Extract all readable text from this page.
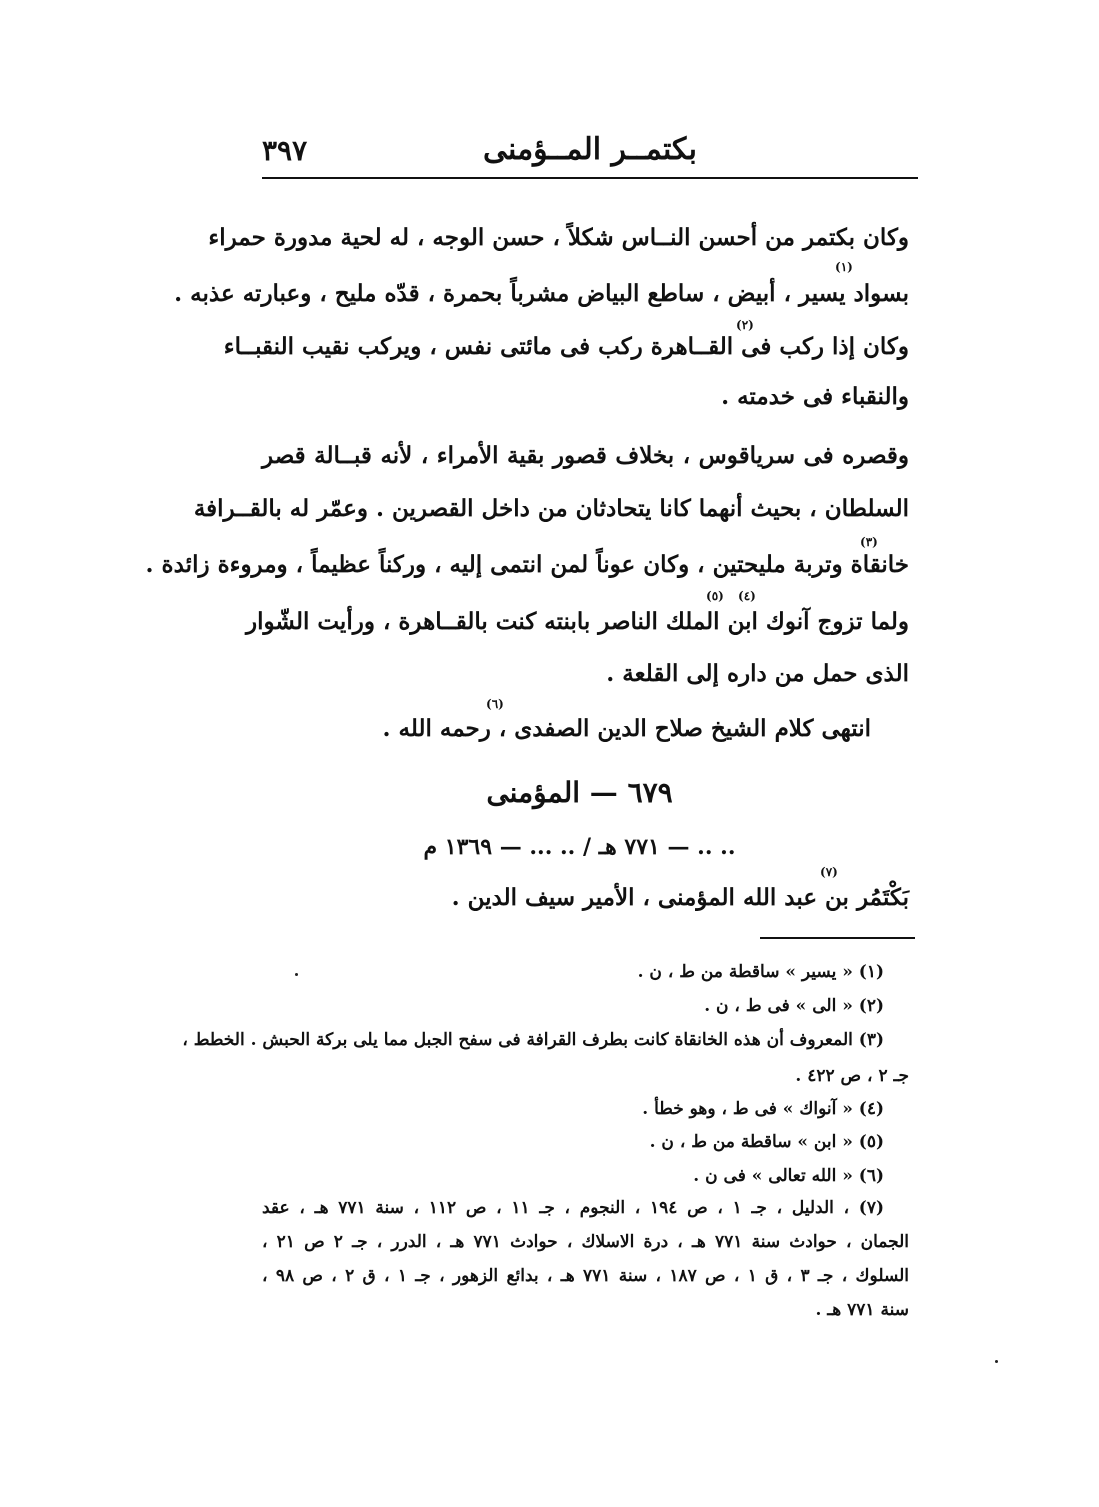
٣٩٧	بكتمــر المــؤمنى
وكان بكتمر من أحسن النــاس شكلاً ، حسن الوجه ، له لحية مدورة حمراء
(١)
بسواد يسير ، أبيض ، ساطع البياض مشرباً بحمرة ، قدّه مليح ، وعبارته عذبه .
(٢)
وكان إذا ركب فى القــاهرة ركب فى مائتى نفس ، ويركب نقيب النقبــاء
والنقباء فى خدمته .
وقصره فى سرياقوس ، بخلاف قصور بقية الأمراء ، لأنه قبــالة قصر
السلطان ، بحيث أنهما كانا يتحادثان من داخل القصرين . وعمّر له بالقــرافة
(٣)
خانقاة وتربة مليحتين ، وكان عوناً لمن انتمى إليه ، وركناً عظيماً ، ومروءة زائدة .
(٤)
(٥)
ولما تزوج آنوك ابن الملك الناصر بابنته كنت بالقــاهرة ، ورأيت الشّوار
الذى حمل من داره إلى القلعة .
(٦)
انتهى كلام الشيخ صلاح الدين الصفدى ، رحمه الله .
٦٧٩ — المؤمنى
.. .. — ٧٧١ هـ / .. ... — ١٣٦٩ م
(٧)
بَكْتَمُر بن عبد الله المؤمنى ، الأمير سيف الدين .
(١) « يسير » ساقطة من ط ، ن .
(٢) « الى » فى ط ، ن .
(٣) المعروف أن هذه الخانقاة كانت بطرف القرافة فى سفح الجبل مما يلى بركة الحبش . الخطط ،
جـ ٢ ، ص ٤٢٢ .
(٤) « آنواك » فى ط ، وهو خطأ .
(٥) « ابن » ساقطة من ط ، ن .
(٦) « الله تعالى » فى ن .
(٧) ، الدليل ، جـ ١ ، ص ١٩٤ ، النجوم ، جـ ١١ ، ص ١١٢ ، سنة ٧٧١ هـ ، عقد
الجمان ، حوادث سنة ٧٧١ هـ ، درة الاسلاك ، حوادث ٧٧١ هـ ، الدرر ، جـ ٢ ص ٢١ ،
السلوك ، جـ ٣ ، ق ١ ، ص ١٨٧ ، سنة ٧٧١ هـ ، بدائع الزهور ، جـ ١ ، ق ٢ ، ص ٩٨ ،
سنة ٧٧١ هـ .
